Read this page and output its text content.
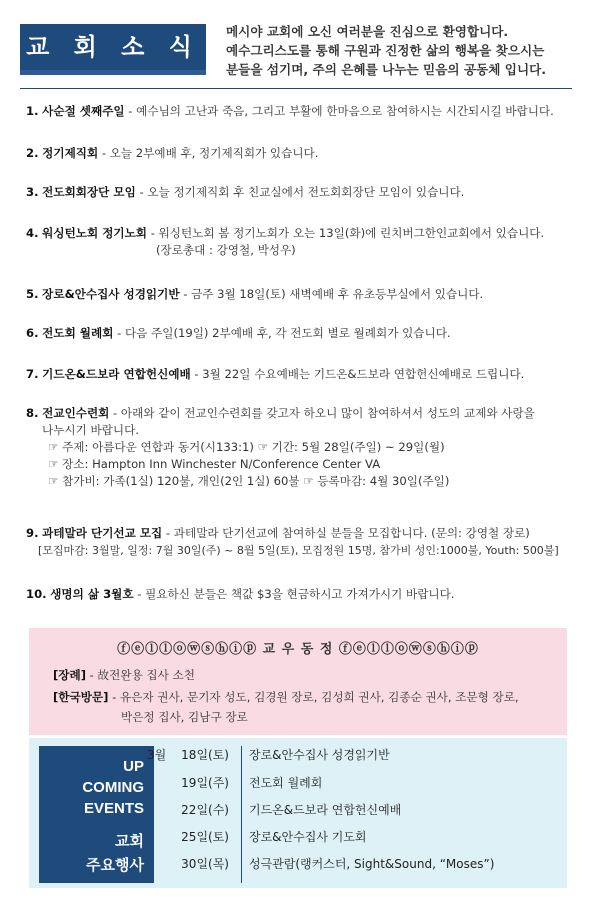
교 회 소 식
메시야 교회에 오신 여러분을 진심으로 환영합니다.
예수그리스도를 통해 구원과 진정한 삶의 행복을 찾으시는
분들을 섬기며, 주의 은혜를 나누는 믿음의 공동체 입니다.
1. 사순절 셋째주일 - 예수님의 고난과 죽음, 그리고 부활에 한마음으로 참여하시는 시간되시길 바랍니다.
2. 정기제직회 - 오늘 2부예배 후, 정기제직회가 있습니다.
3. 전도회회장단 모임 - 오늘 정기제직회 후 친교실에서 전도회회장단 모임이 있습니다.
4. 워싱턴노회 정기노회 - 워싱턴노회 봄 정기노회가 오는 13일(화)에 린치버그한인교회에서 있습니다.
(장로총대 : 강영철, 박성우)
5. 장로&안수집사 성경읽기반 - 금주 3월 18일(토) 새벽예배 후 유초등부실에서 있습니다.
6. 전도회 월례회 - 다음 주일(19일) 2부예배 후, 각 전도회 별로 월례회가 있습니다.
7. 기드온&드보라 연합헌신예배 - 3월 22일 수요예배는 기드온&드보라 연합헌신예배로 드립니다.
8. 전교인수련회 - 아래와 같이 전교인수련회를 갖고자 하오니 많이 참여하셔서 성도의 교제와 사랑을
나누시기 바랍니다.
☞ 주제: 아름다운 연합과 동거(시133:1) ☞ 기간: 5월 28일(주일) ~ 29일(월)
☞ 장소: Hampton Inn Winchester N/Conference Center VA
☞ 참가비: 가족(1실) 120불, 개인(2인 1실) 60불 ☞ 등록마감: 4월 30일(주일)
9. 과테말라 단기선교 모집 - 과테말라 단기선교에 참여하실 분들을 모집합니다. (문의: 강영철 장로)
[모집마감: 3월말, 일정: 7월 30일(주) ~ 8월 5일(토), 모집정원 15명, 참가비 성인:1000불, Youth: 500불]
10. 생명의 삶 3월호 - 필요하신 분들은 책값 $3을 현금하시고 가져가시기 바랍니다.
ⓕⓔⓛⓛⓞⓦⓢⓗⓘⓟ 교 우 동 정 ⓕⓔⓛⓛⓞⓦⓢⓗⓘⓟ
[장례] - 故전완용 집사 소천
[한국방문] - 유은자 권사, 문기자 성도, 김경원 장로, 김성희 권사, 김종순 권사, 조문형 장로,
박은정 집사, 김남구 장로
UP
COMING
EVENTS
교회
주요행사
3월	18일(토) 장로&안수집사 성경읽기반
19일(주) 전도회 월례회
22일(수) 기드온&드보라 연합헌신예배
25일(토) 장로&안수집사 기도회
30일(목) 성극관람(랭커스터, Sight&Sound, “Moses”)
